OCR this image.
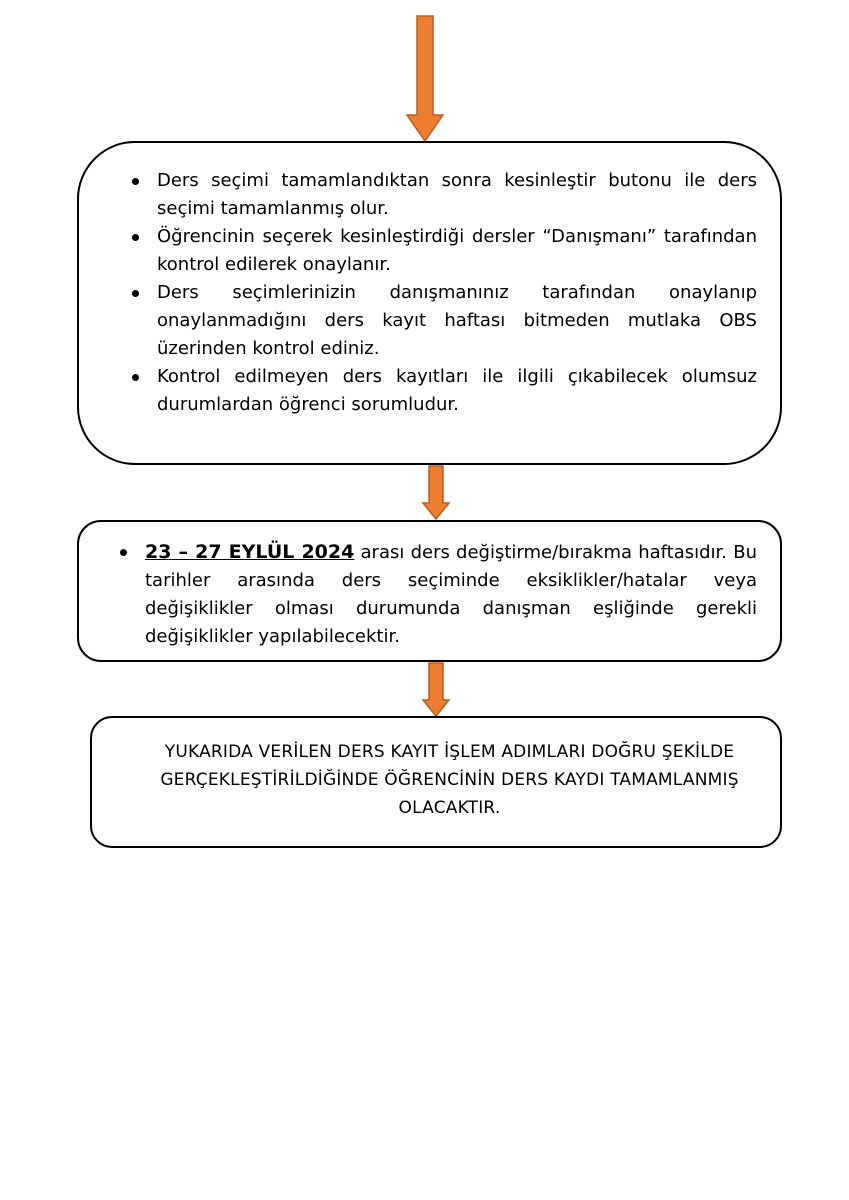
Ders seçimi tamamlandıktan sonra kesinleştir butonu ile ders seçimi tamamlanmış olur.
Öğrencinin seçerek kesinleştirdiği dersler “Danışmanı” tarafından kontrol edilerek onaylanır.
Ders seçimlerinizin danışmanınız tarafından onaylanıp onaylanmadığını ders kayıt haftası bitmeden mutlaka OBS üzerinden kontrol ediniz.
Kontrol edilmeyen ders kayıtları ile ilgili çıkabilecek olumsuz durumlardan öğrenci sorumludur.
23 – 27 EYLÜL 2024 arası ders değiştirme/bırakma haftasıdır. Bu tarihler arasında ders seçiminde eksiklikler/hatalar veya değişiklikler olması durumunda danışman eşliğinde gerekli değişiklikler yapılabilecektir.
YUKARIDA VERİLEN DERS KAYIT İŞLEM ADIMLARI DOĞRU ŞEKİLDE GERÇEKLEŞTİRİLDİĞİNDE ÖĞRENCİNİN DERS KAYDI TAMAMLANMIŞ OLACAKTIR.
